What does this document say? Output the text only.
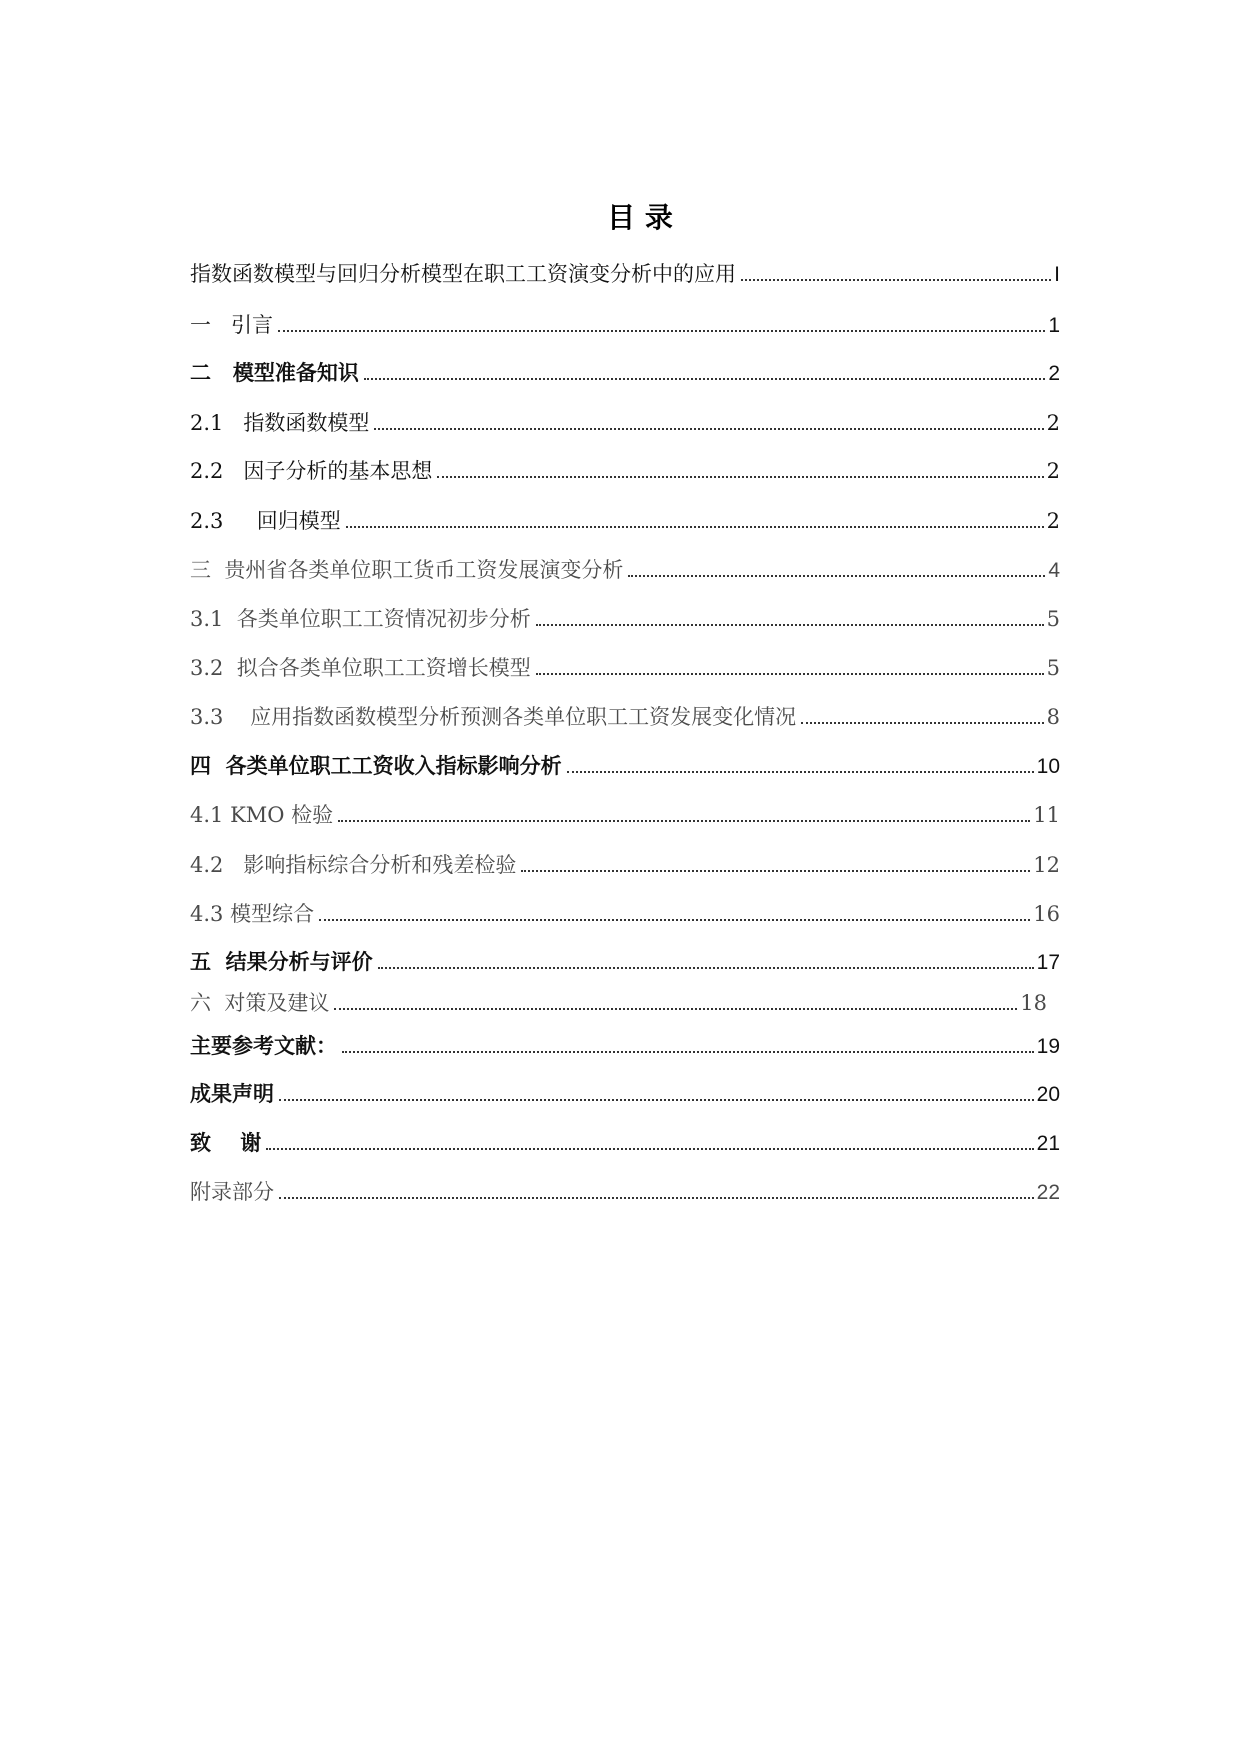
目 录
指数函数模型与回归分析模型在职工工资演变分析中的应用	I
一   引言	1
二   模型准备知识	2
2.1   指数函数模型	2
2.2   因子分析的基本思想	2
2.3     回归模型	2
三  贵州省各类单位职工货币工资发展演变分析	4
3.1  各类单位职工工资情况初步分析	5
3.2  拟合各类单位职工工资增长模型	5
3.3    应用指数函数模型分析预测各类单位职工工资发展变化情况	8
四  各类单位职工工资收入指标影响分析	10
4.1 KMO 检验	11
4.2   影响指标综合分析和残差检验	12
4.3 模型综合	16
五  结果分析与评价	17
六  对策及建议	18
主要参考文献：	19
成果声明	20
致    谢	21
附录部分	22
